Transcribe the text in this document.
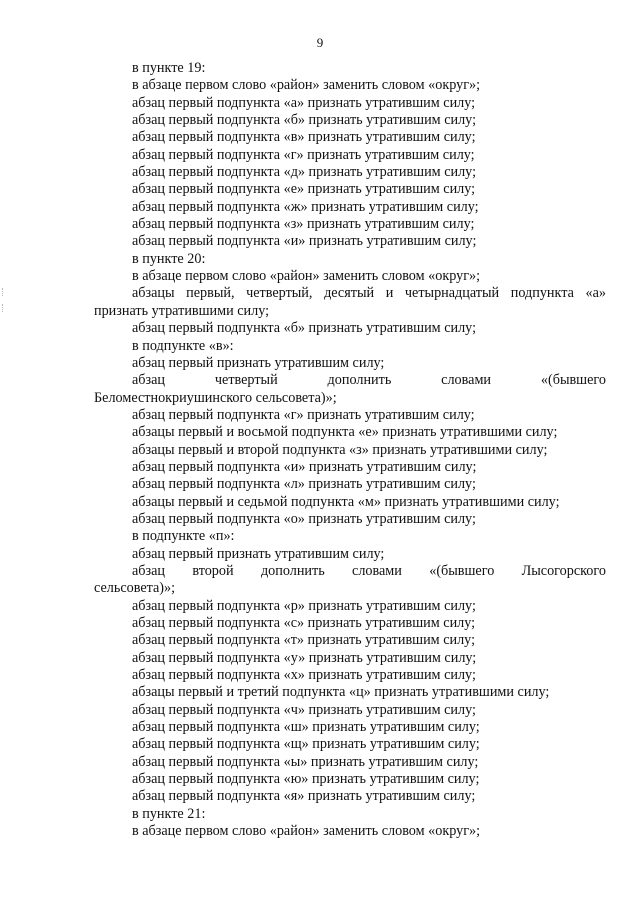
9

в пункте 19:

в абзаце первом слово «район» заменить словом «округ»;

абзац первый подпункта «а» признать утратившим силу;

абзац первый подпункта «б» признать утратившим силу;

абзац первый подпункта «в» признать утратившим силу;

абзац первый подпункта «г» признать утратившим силу;

абзац первый подпункта «д» признать утратившим силу;

абзац первый подпункта «е» признать утратившим силу;

абзац первый подпункта «ж» признать утратившим силу;

абзац первый подпункта «з» признать утратившим силу;

абзац первый подпункта «и» признать утратившим силу;

в пункте 20:

в абзаце первом слово «район» заменить словом «округ»;

абзацы первый, четвертый, десятый и четырнадцатый подпункта «а»

признать утратившими силу;

абзац первый подпункта «б» признать утратившим силу;

в подпункте «в»:

абзац первый признать утратившим силу;

абзац	четвертый	дополнить	словами	«(бывшего

Беломестнокриушинского сельсовета)»;

абзац первый подпункта «г» признать утратившим силу;

абзацы первый и восьмой подпункта «е» признать утратившими силу;

абзацы первый и второй подпункта «з» признать утратившими силу;

абзац первый подпункта «и» признать утратившим силу;

абзац первый подпункта «л» признать утратившим силу;

абзацы первый и седьмой подпункта «м» признать утратившими силу;

абзац первый подпункта «о» признать утратившим силу;

в подпункте «п»:

абзац первый признать утратившим силу;

абзац второй дополнить словами «(бывшего Лысогорского

сельсовета)»;

абзац первый подпункта «р» признать утратившим силу;

абзац первый подпункта «с» признать утратившим силу;

абзац первый подпункта «т» признать утратившим силу;

абзац первый подпункта «у» признать утратившим силу;

абзац первый подпункта «х» признать утратившим силу;

абзацы первый и третий подпункта «ц» признать утратившими силу;

абзац первый подпункта «ч» признать утратившим силу;

абзац первый подпункта «ш» признать утратившим силу;

абзац первый подпункта «щ» признать утратившим силу;

абзац первый подпункта «ы» признать утратившим силу;

абзац первый подпункта «ю» признать утратившим силу;

абзац первый подпункта «я» признать утратившим силу;

в пункте 21:

в абзаце первом слово «район» заменить словом «округ»;
